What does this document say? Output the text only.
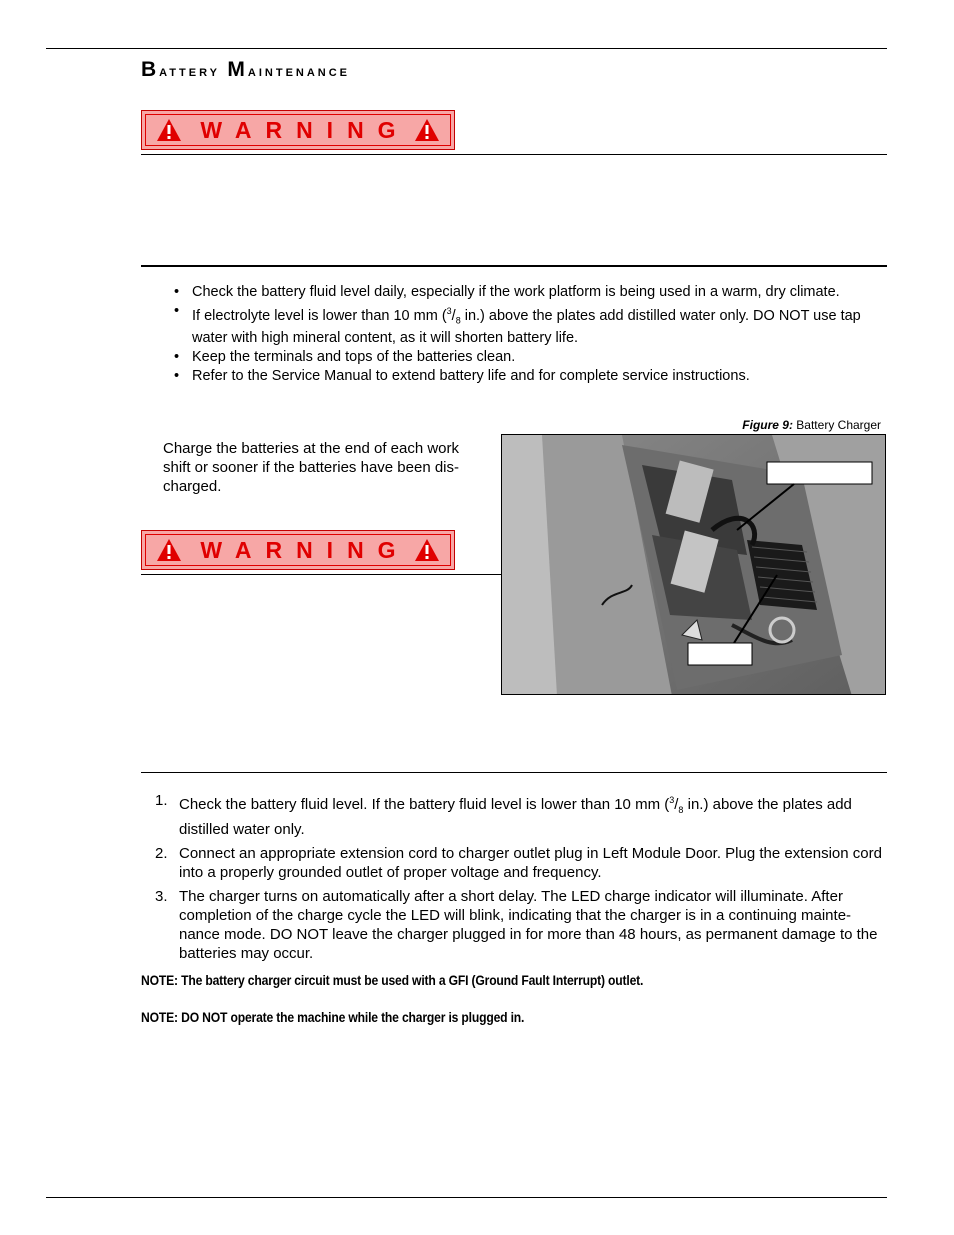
Battery Maintenance
WARNING
• Check the battery fluid level daily, especially if the work platform is being used in a warm, dry climate.
• If electrolyte level is lower than 10 mm ($^3/_8$ in.) above the plates add distilled water only. DO NOT use tap water with high mineral content, as it will shorten battery life.
• Keep the terminals and tops of the batteries clean.
• Refer to the Service Manual to extend battery life and for complete service instructions.
Figure 9: Battery Charger
Charge the batteries at the end of each work shift or sooner if the batteries have been dis-charged.
WARNING
1. Check the battery fluid level. If the battery fluid level is lower than 10 mm ($^3/_8$ in.) above the plates add distilled water only.
2. Connect an appropriate extension cord to charger outlet plug in Left Module Door. Plug the extension cord into a properly grounded outlet of proper voltage and frequency.
3. The charger turns on automatically after a short delay. The LED charge indicator will illuminate. After completion of the charge cycle the LED will blink, indicating that the charger is in a continuing mainte-nance mode. DO NOT leave the charger plugged in for more than 48 hours, as permanent damage to the batteries may occur.
NOTE: The battery charger circuit must be used with a GFI (Ground Fault Interrupt) outlet.
NOTE: DO NOT operate the machine while the charger is plugged in.
